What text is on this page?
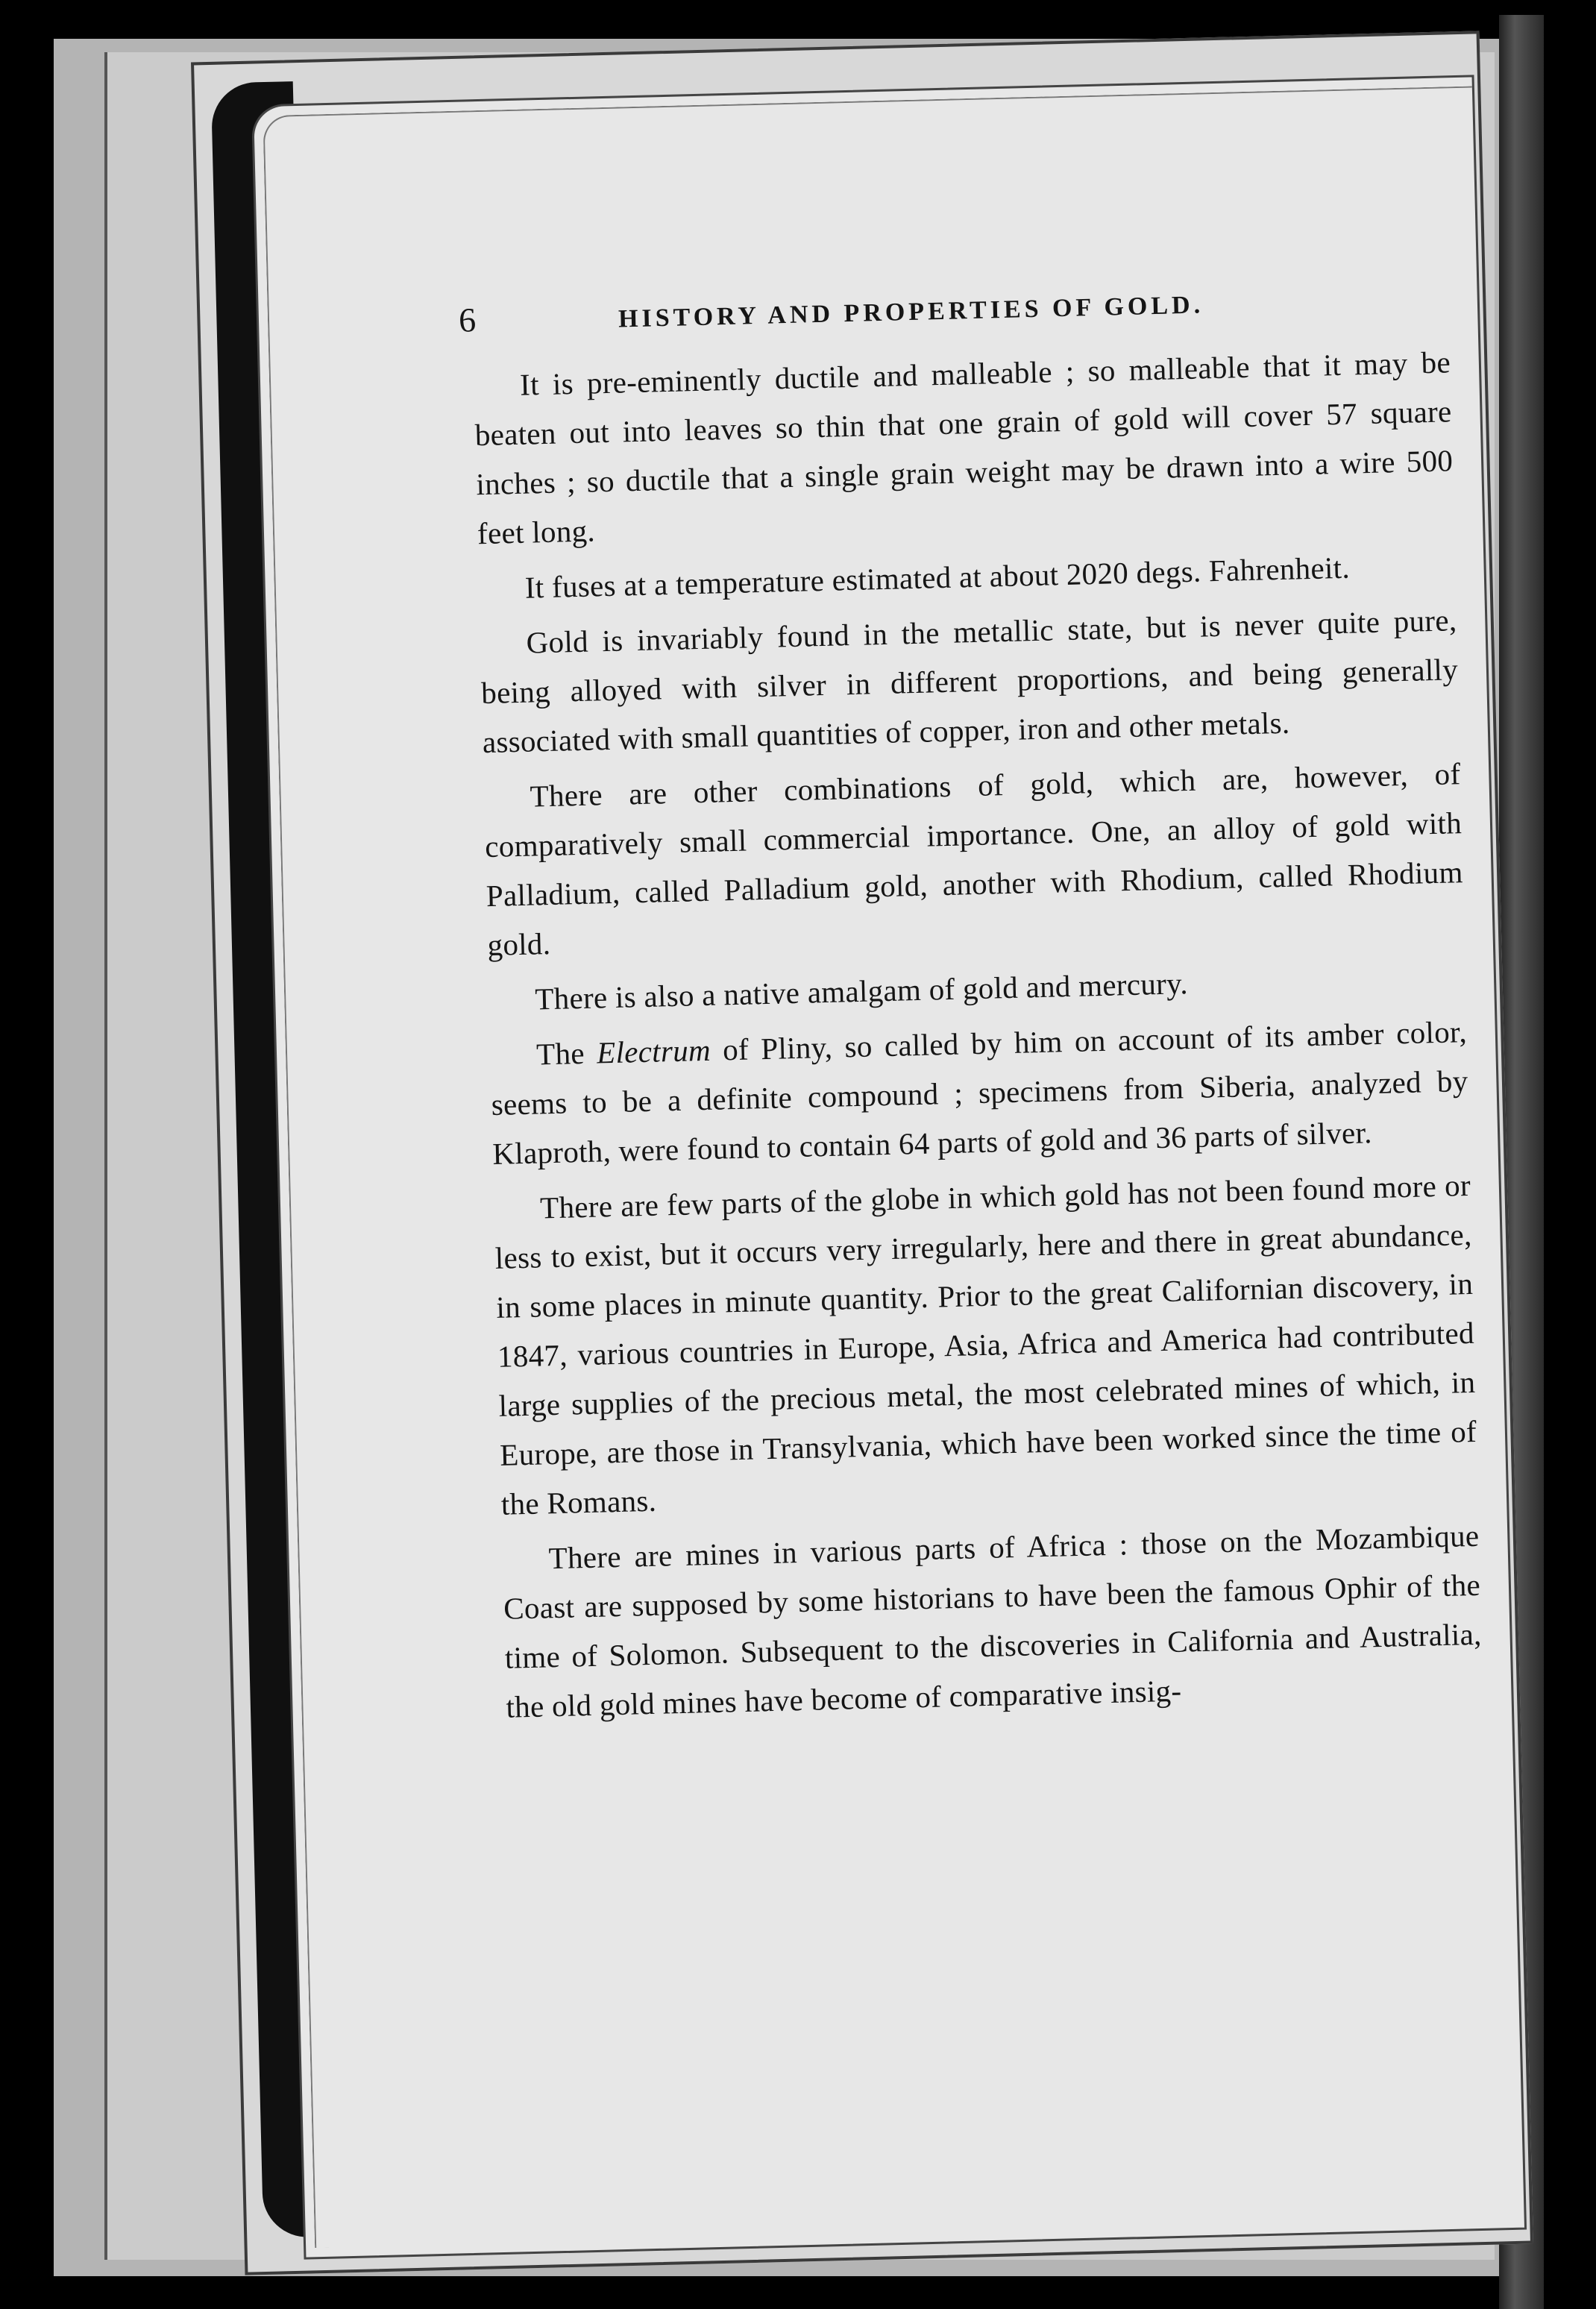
6	HISTORY AND PROPERTIES OF GOLD.

It is pre-eminently ductile and malleable ; so malleable that it may be beaten out into leaves so thin that one grain of gold will cover 57 square inches ; so ductile that a single grain weight may be drawn into a wire 500 feet long.

It fuses at a temperature estimated at about 2020 degs. Fahrenheit.

Gold is invariably found in the metallic state, but is never quite pure, being alloyed with silver in different proportions, and being generally associated with small quantities of copper, iron and other metals.

There are other combinations of gold, which are, however, of comparatively small commercial importance. One, an alloy of gold with Palladium, called Palladium gold, another with Rhodium, called Rhodium gold.

There is also a native amalgam of gold and mercury.

The Electrum of Pliny, so called by him on account of its amber color, seems to be a definite compound ; specimens from Siberia, analyzed by Klaproth, were found to contain 64 parts of gold and 36 parts of silver.

There are few parts of the globe in which gold has not been found more or less to exist, but it occurs very irregularly, here and there in great abundance, in some places in minute quantity. Prior to the great Californian discovery, in 1847, various countries in Europe, Asia, Africa and America had contributed large supplies of the precious metal, the most celebrated mines of which, in Europe, are those in Transylvania, which have been worked since the time of the Romans.

There are mines in various parts of Africa : those on the Mozambique Coast are supposed by some historians to have been the famous Ophir of the time of Solomon. Subsequent to the discoveries in California and Australia, the old gold mines have become of comparative insig-
